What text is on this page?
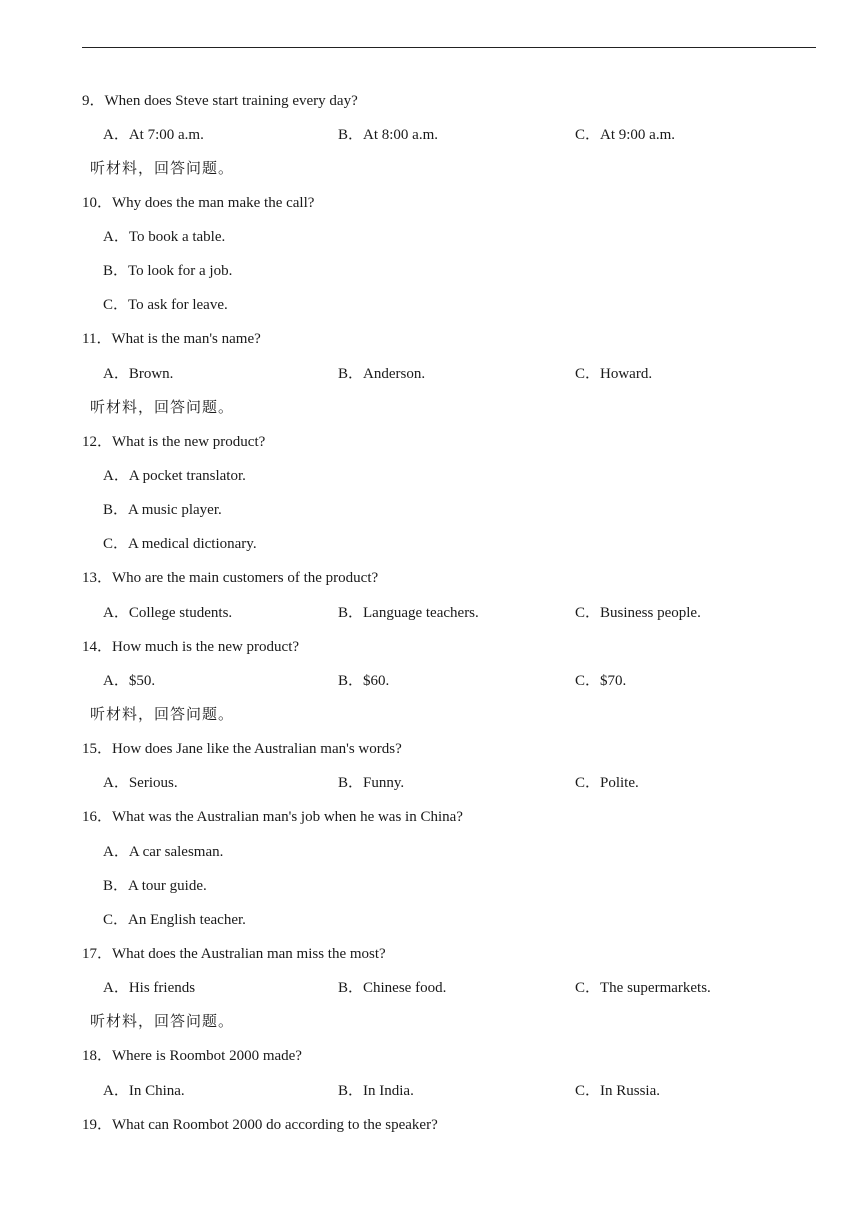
9．When does Steve start training every day?
A．At 7:00 a.m.	B．At 8:00 a.m.	C．At 9:00 a.m.
听材料，回答问题。
10．Why does the man make the call?
A．To book a table.
B．To look for a job.
C．To ask for leave.
11．What is the man's name?
A．Brown.	B．Anderson.	C．Howard.
听材料，回答问题。
12．What is the new product?
A．A pocket translator.
B．A music player.
C．A medical dictionary.
13．Who are the main customers of the product?
A．College students.	B．Language teachers.	C．Business people.
14．How much is the new product?
A．$50.	B．$60.	C．$70.
听材料，回答问题。
15．How does Jane like the Australian man's words?
A．Serious.	B．Funny.	C．Polite.
16．What was the Australian man's job when he was in China?
A．A car salesman.
B．A tour guide.
C．An English teacher.
17．What does the Australian man miss the most?
A．His friends	B．Chinese food.	C．The supermarkets.
听材料，回答问题。
18．Where is Roombot 2000 made?
A．In China.	B．In India.	C．In Russia.
19．What can Roombot 2000 do according to the speaker?
